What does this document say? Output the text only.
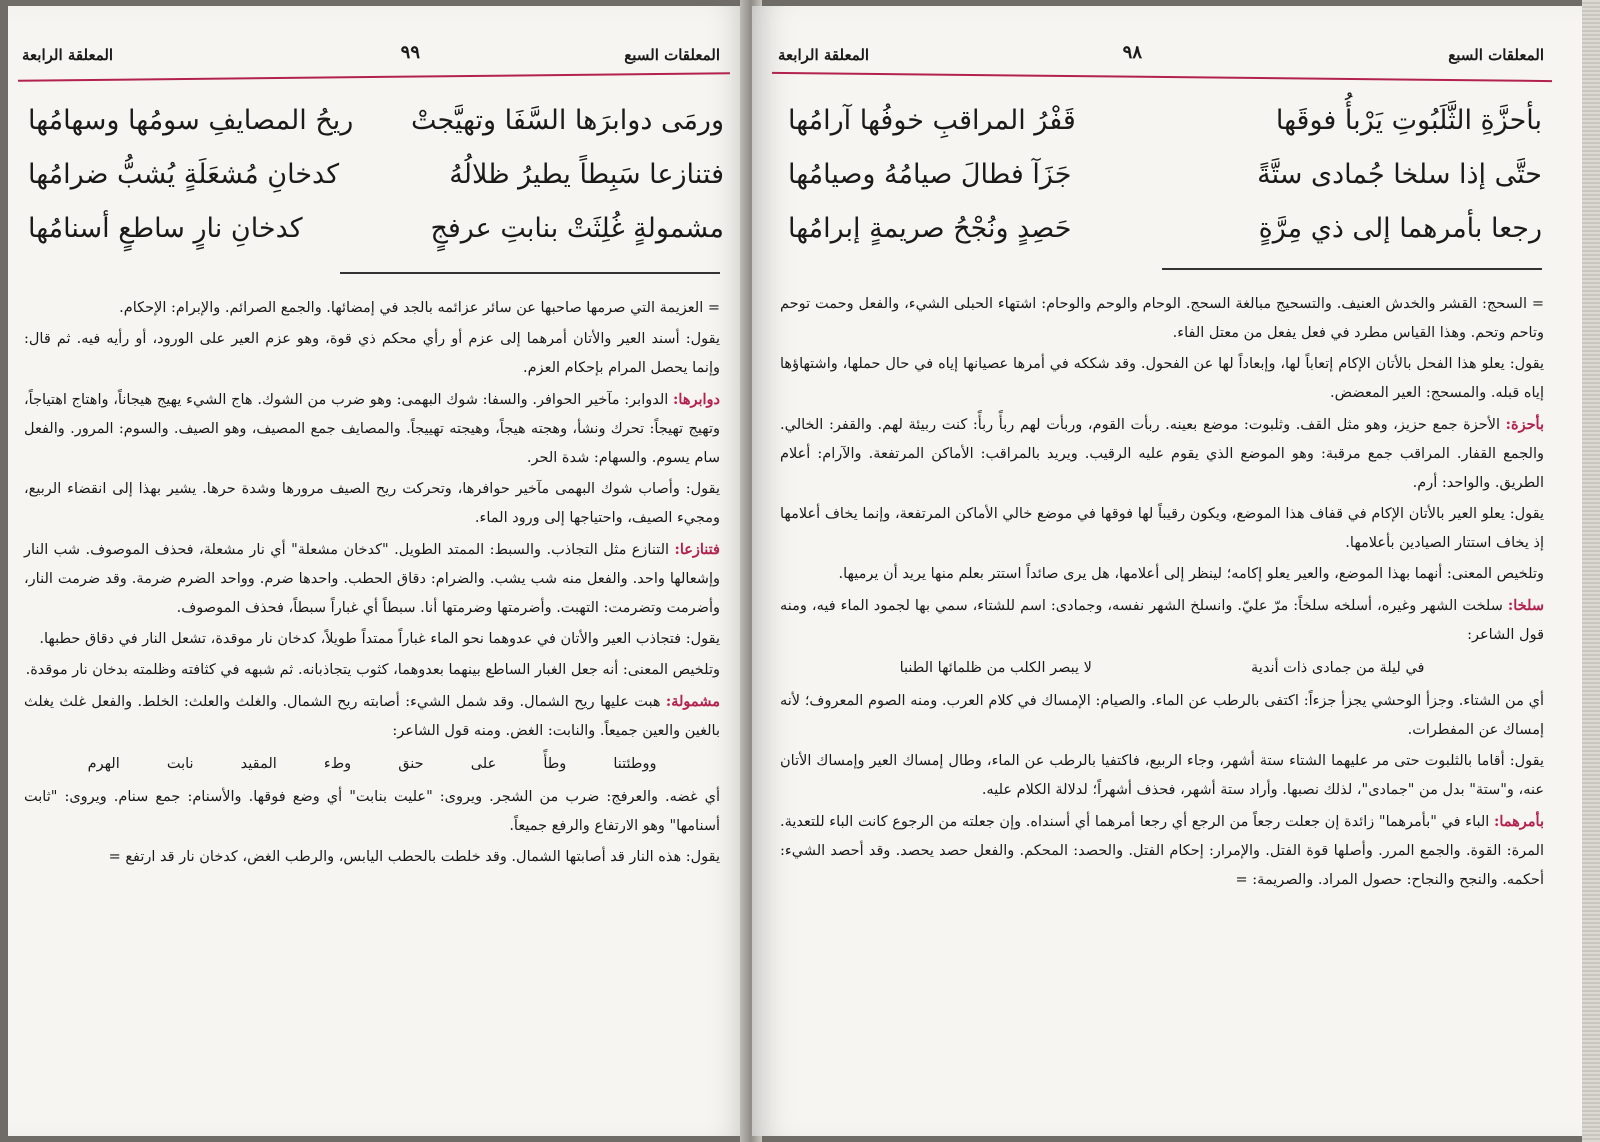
المعلقات السبع
٩٩
المعلقة الرابعة
ورمَى دوابرَها السَّفَا وتهيَّجتْ
ريحُ المصايفِ سومُها وسهامُها
فتنازعا سَبِطاً يطيرُ ظلالُهُ
كدخانِ مُشعَلَةٍ يُشبُّ ضرامُها
مشمولةٍ غُلِثَتْ بنابتِ عرفجٍ
كدخانِ نارٍ ساطعٍ أسنامُها

= العزيمة التي صرمها صاحبها عن سائر عزائمه بالجد في إمضائها. والجمع الصرائم. والإبرام: الإحكام.

يقول: أسند العير والأتان أمرهما إلى عزم أو رأي محكم ذي قوة، وهو عزم العير على الورود، أو رأيه فيه. ثم قال: وإنما يحصل المرام بإحكام العزم.

دوابرها: الدوابر: مآخير الحوافر. والسفا: شوك البهمى: وهو ضرب من الشوك. هاج الشيء يهيج هيجاناً، واهتاج اهتياجاً، وتهيج تهيجاً: تحرك ونشأ، وهجته هيجاً، وهيجته تهييجاً. والمصايف جمع المصيف، وهو الصيف. والسوم: المرور. والفعل سام يسوم. والسهام: شدة الحر.

يقول: وأصاب شوك البهمى مآخير حوافرها، وتحركت ريح الصيف مرورها وشدة حرها. يشير بهذا إلى انقضاء الربيع، ومجيء الصيف، واحتياجها إلى ورود الماء.

فتنازعا: التنازع مثل التجاذب. والسبط: الممتد الطويل. "كدخان مشعلة" أي نار مشعلة، فحذف الموصوف. شب النار وإشعالها واحد. والفعل منه شب يشب. والضرام: دقاق الحطب. واحدها ضرم. وواحد الضرم ضرمة. وقد ضرمت النار، وأضرمت وتضرمت: التهبت. وأضرمتها وضرمتها أنا. سبطاً أي غباراً سبطاً، فحذف الموصوف.

يقول: فتجاذب العير والأتان في عدوهما نحو الماء غباراً ممتداً طويلاً، كدخان نار موقدة، تشعل النار في دقاق حطبها.

وتلخيص المعنى: أنه جعل الغبار الساطع بينهما بعدوهما، كثوب يتجاذبانه. ثم شبهه في كثافته وظلمته بدخان نار موقدة.

مشمولة: هبت عليها ريح الشمال. وقد شمل الشيء: أصابته ريح الشمال. والغلث والعلث: الخلط. والفعل غلث يغلث بالغين والعين جميعاً. والنابت: الغض. ومنه قول الشاعر:

ووطئتنا
وطأً
على
حنق
وطء
المقيد
نابت
الهرم

أي غضه. والعرفج: ضرب من الشجر. ويروى: "عليت بنابت" أي وضع فوقها. والأسنام: جمع سنام. ويروى: "ثابت أسنامها" وهو الارتفاع والرفع جميعاً.

يقول: هذه النار قد أصابتها الشمال. وقد خلطت بالحطب اليابس، والرطب الغض، كدخان نار قد ارتفع =

المعلقات السبع
٩٨
المعلقة الرابعة
بأحزَّةِ الثَّلَبُوتِ يَرْبأُ فوقَها
قَفْرُ المراقبِ خوفُها آرامُها
حتَّى إذا سلخا جُمادى ستَّةً
جَزَآ فطالَ صيامُهُ وصيامُها
رجعا بأمرهما إلى ذي مِرَّةٍ
حَصِدٍ ونُجْحُ صريمةٍ إبرامُها

= السحج: القشر والخدش العنيف. والتسحيج مبالغة السحج. الوحام والوحم والوحام: اشتهاء الحبلى الشيء، والفعل وحمت توحم وتاحم وتحم. وهذا القياس مطرد في فعل يفعل من معتل الفاء.

يقول: يعلو هذا الفحل بالأتان الإكام إتعاباً لها، وإبعاداً لها عن الفحول. وقد شككه في أمرها عصيانها إياه في حال حملها، واشتهاؤها إياه قبله. والمسحج: العير المعضض.

بأحزة: الأحزة جمع حزيز، وهو مثل القف. وثلبوت: موضع بعينه. ربأت القوم، وربأت لهم ربأً ربأً: كنت ربيئة لهم. والقفر: الخالي. والجمع القفار. المراقب جمع مرقبة: وهو الموضع الذي يقوم عليه الرقيب. ويريد بالمراقب: الأماكن المرتفعة. والآرام: أعلام الطريق. والواحد: أرم.

يقول: يعلو العير بالأتان الإكام في قفاف هذا الموضع، ويكون رقيباً لها فوقها في موضع خالي الأماكن المرتفعة، وإنما يخاف أعلامها إذ يخاف استتار الصيادين بأعلامها.

وتلخيص المعنى: أنهما بهذا الموضع، والعير يعلو إكامه؛ لينظر إلى أعلامها، هل يرى صائداً استتر بعلم منها يريد أن يرميها.

سلخا: سلخت الشهر وغيره، أسلخه سلخاً: مرّ عليّ. وانسلخ الشهر نفسه، وجمادى: اسم للشتاء، سمي بها لجمود الماء فيه، ومنه قول الشاعر:

في ليلة من جمادى ذات أندية
لا يبصر الكلب من ظلمائها الطنبا

أي من الشتاء. وجزأ الوحشي يجزأ جزءاً: اكتفى بالرطب عن الماء. والصيام: الإمساك في كلام العرب. ومنه الصوم المعروف؛ لأنه إمساك عن المفطرات.

يقول: أقاما بالثلبوت حتى مر عليهما الشتاء ستة أشهر، وجاء الربيع، فاكتفيا بالرطب عن الماء، وطال إمساك العير وإمساك الأتان عنه، و"ستة" بدل من "جمادى"، لذلك نصبها. وأراد ستة أشهر، فحذف أشهراً؛ لدلالة الكلام عليه.

بأمرهما: الباء في "بأمرهما" زائدة إن جعلت رجعاً من الرجع أي رجعا أمرهما أي أسنداه. وإن جعلته من الرجوع كانت الباء للتعدية. المرة: القوة. والجمع المرر. وأصلها قوة الفتل. والإمرار: إحكام الفتل. والحصد: المحكم. والفعل حصد يحصد. وقد أحصد الشيء: أحكمه. والنجح والنجاح: حصول المراد. والصريمة: =
